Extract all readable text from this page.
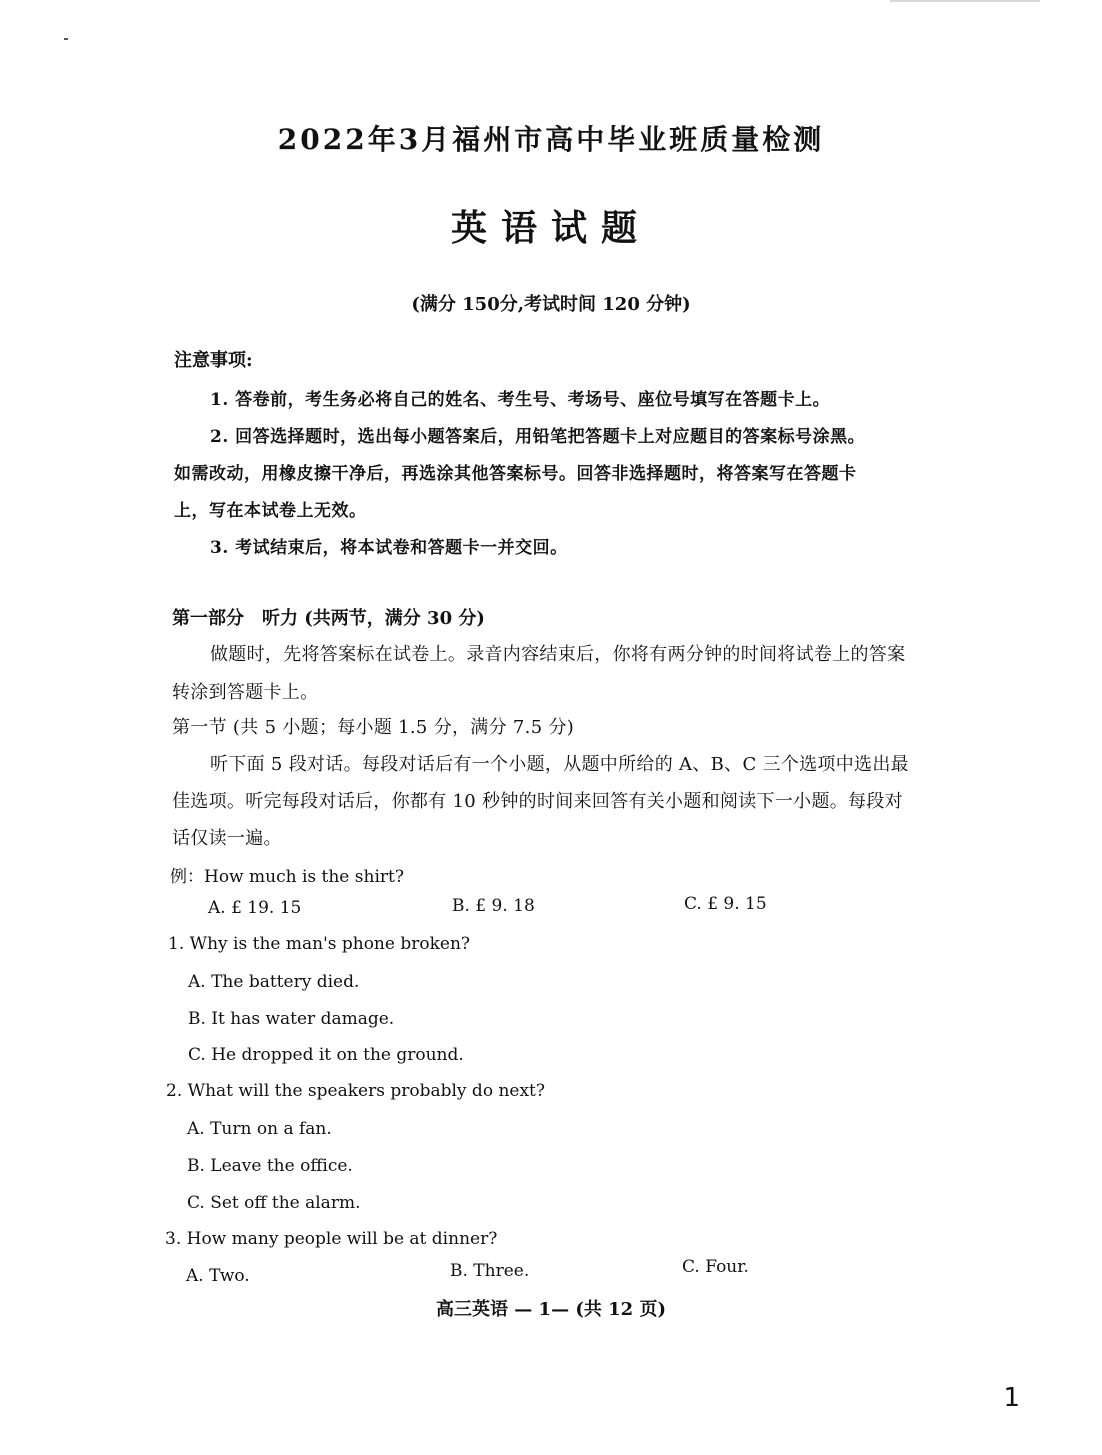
2022年3月福州市高中毕业班质量检测
英语试题
(满分 150分,考试时间 120 分钟)
注意事项:
1. 答卷前，考生务必将自己的姓名、考生号、考场号、座位号填写在答题卡上。
2. 回答选择题时，选出每小题答案后，用铅笔把答题卡上对应题目的答案标号涂黑。
如需改动，用橡皮擦干净后，再选涂其他答案标号。回答非选择题时，将答案写在答题卡
上，写在本试卷上无效。
3. 考试结束后，将本试卷和答题卡一并交回。
第一部分　听力 (共两节，满分 30 分)
做题时，先将答案标在试卷上。录音内容结束后，你将有两分钟的时间将试卷上的答案
转涂到答题卡上。
第一节 (共 5 小题；每小题 1.5 分，满分 7.5 分)
听下面 5 段对话。每段对话后有一个小题，从题中所给的 A、B、C 三个选项中选出最
佳选项。听完每段对话后，你都有 10 秒钟的时间来回答有关小题和阅读下一小题。每段对
话仅读一遍。
例：How much is the shirt?
A. £ 19. 15	B. £ 9. 18	C. £ 9. 15
1. Why is the man's phone broken?
A. The battery died.
B. It has water damage.
C. He dropped it on the ground.
2. What will the speakers probably do next?
A. Turn on a fan.
B. Leave the office.
C. Set off the alarm.
3. How many people will be at dinner?
A. Two.	B. Three.	C. Four.
高三英语 — 1— (共 12 页)
1
